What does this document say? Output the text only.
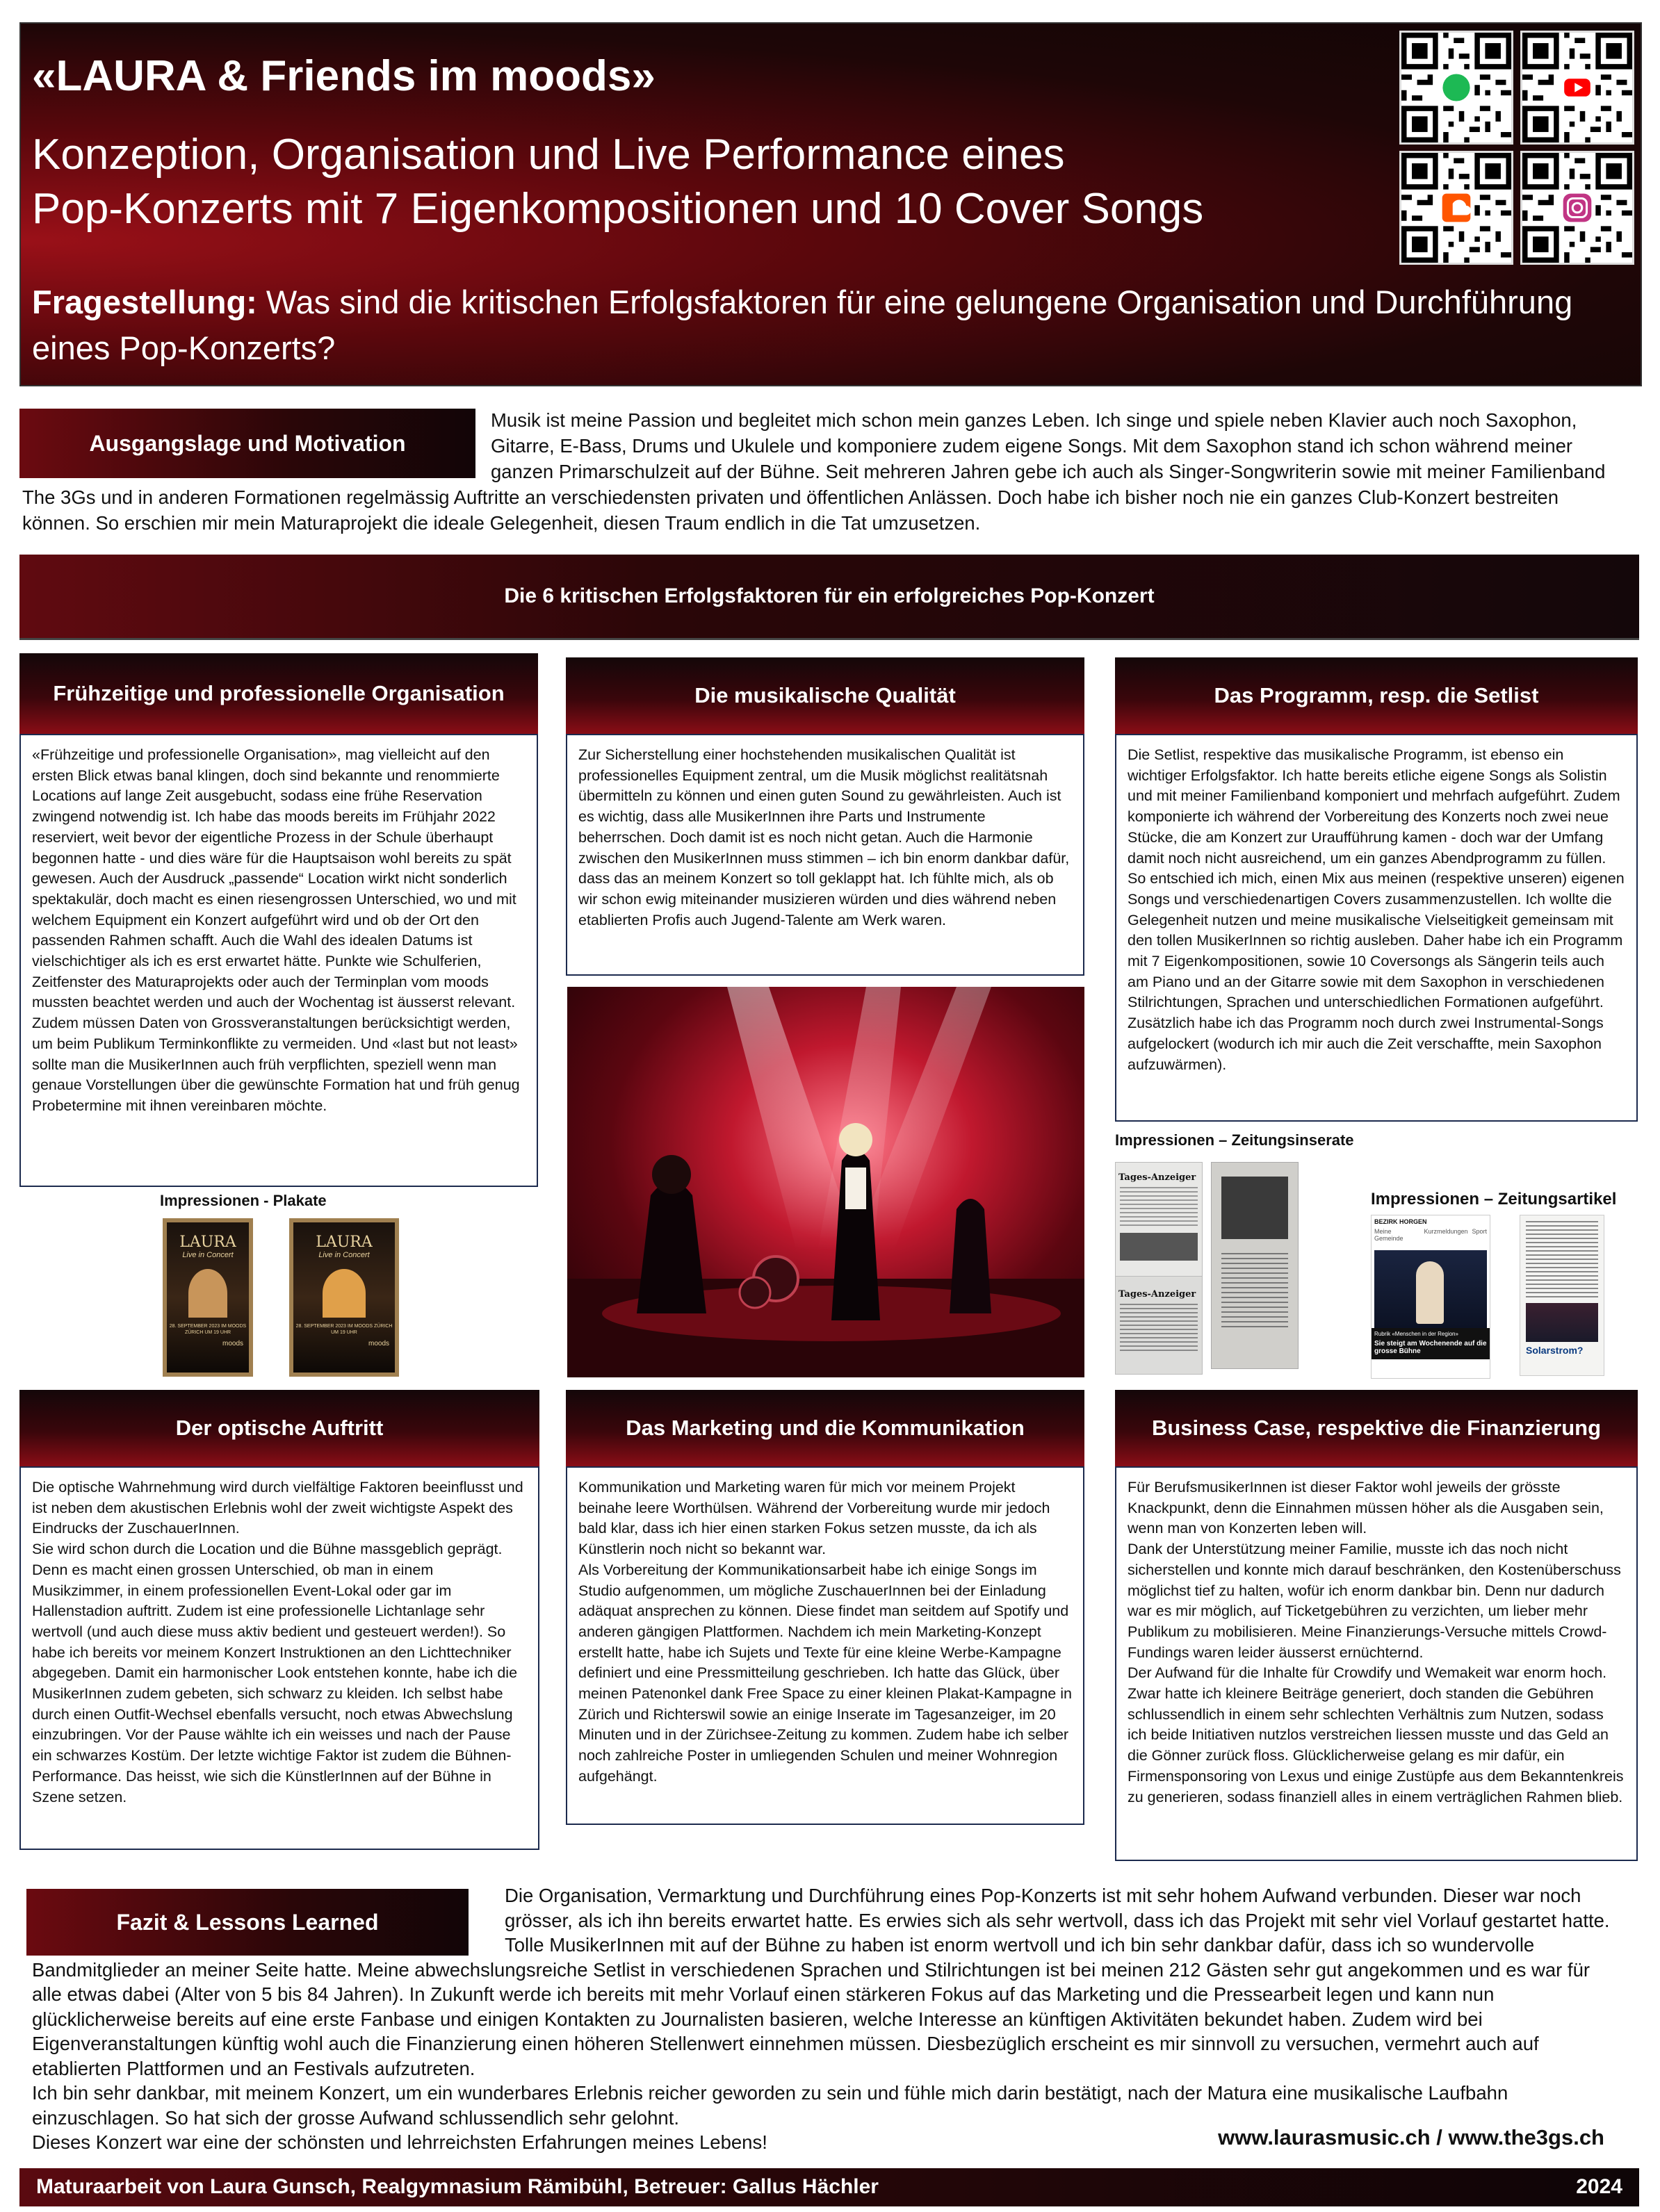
«LAURA & Friends im moods»
Konzeption, Organisation und Live Performance eines
Pop-Konzerts mit 7 Eigenkompositionen und 10 Cover Songs
Fragestellung: Was sind die kritischen Erfolgsfaktoren für eine gelungene Organisation und Durchführung eines Pop-Konzerts?
Ausgangslage und Motivation
Musik ist meine Passion und begleitet mich schon mein ganzes Leben. Ich singe und spiele neben Klavier auch noch Saxophon, Gitarre, E-Bass, Drums und Ukulele und komponiere zudem eigene Songs. Mit dem Saxophon stand ich schon während meiner ganzen Primarschulzeit auf der Bühne. Seit mehreren Jahren gebe ich auch als Singer-Songwriterin sowie mit meiner Familienband The 3Gs und in anderen Formationen regelmässig Auftritte an verschiedensten privaten und öffentlichen Anlässen. Doch habe ich bisher noch nie ein ganzes Club-Konzert bestreiten können. So erschien mir mein Maturaprojekt die ideale Gelegenheit, diesen Traum endlich in die Tat umzusetzen.
Die 6 kritischen Erfolgsfaktoren für ein erfolgreiches Pop-Konzert
Frühzeitige und professionelle Organisation

«Frühzeitige und professionelle Organisation», mag vielleicht auf den ersten Blick etwas banal klingen, doch sind bekannte und renommierte Locations auf lange Zeit ausgebucht, sodass eine frühe Reservation zwingend notwendig ist. Ich habe das moods bereits im Frühjahr 2022 reserviert, weit bevor der eigentliche Prozess in der Schule überhaupt begonnen hatte - und dies wäre für die Hauptsaison wohl bereits zu spät gewesen. Auch der Ausdruck „passende“ Location wirkt nicht sonderlich spektakulär, doch macht es einen riesengrossen Unterschied, wo und mit welchem Equipment ein Konzert aufgeführt wird und ob der Ort den passenden Rahmen schafft. Auch die Wahl des idealen Datums ist vielschichtiger als ich es erst erwartet hätte. Punkte wie Schulferien, Zeitfenster des Maturaprojekts oder auch der Terminplan vom moods mussten beachtet werden und auch der Wochentag ist äusserst relevant. Zudem müssen Daten von Grossveranstaltungen berücksichtigt werden, um beim Publikum Terminkonflikte zu vermeiden. Und «last but not least» sollte man die MusikerInnen auch früh verpflichten, speziell wenn man genaue Vorstellungen über die gewünschte Formation hat und früh genug Probetermine mit ihnen vereinbaren möchte.

Die musikalische Qualität

Zur Sicherstellung einer hochstehenden musikalischen Qualität ist professionelles Equipment zentral, um die Musik möglichst realitätsnah übermitteln zu können und einen guten Sound zu gewährleisten. Auch ist es wichtig, dass alle MusikerInnen ihre Parts und Instrumente beherrschen. Doch damit ist es noch nicht getan. Auch die Harmonie zwischen den MusikerInnen muss stimmen – ich bin enorm dankbar dafür, dass das an meinem Konzert so toll geklappt hat. Ich fühlte mich, als ob wir schon ewig miteinander musizieren würden und dies während neben etablierten Profis auch Jugend-Talente am Werk waren.

Das Programm, resp. die Setlist

Die Setlist, respektive das musikalische Programm, ist ebenso ein wichtiger Erfolgsfaktor. Ich hatte bereits etliche eigene Songs als Solistin und mit meiner Familienband komponiert und mehrfach aufgeführt. Zudem komponierte ich während der Vorbereitung des Konzerts noch zwei neue Stücke, die am Konzert zur Uraufführung kamen - doch war der Umfang damit noch nicht ausreichend, um ein ganzes Abendprogramm zu füllen.
So entschied ich mich, einen Mix aus meinen (respektive unseren) eigenen Songs und verschiedenartigen Covers zusammenzustellen. Ich wollte die Gelegenheit nutzen und meine musikalische Vielseitigkeit gemeinsam mit den tollen MusikerInnen so richtig ausleben. Daher habe ich ein Programm mit 7 Eigenkompositionen, sowie 10 Coversongs als Sängerin teils auch am Piano und an der Gitarre sowie mit dem Saxophon in verschiedenen Stilrichtungen, Sprachen und unterschiedlichen Formationen aufgeführt. Zusätzlich habe ich das Programm noch durch zwei Instrumental-Songs aufgelockert (wodurch ich mir auch die Zeit verschaffte, mein Saxophon aufzuwärmen).

Impressionen - Plakate
LAURA
Live in Concert
28. SEPTEMBER 2023 IM MOODS ZÜRICH UM 19 UHR
moods
LAURA
Live in Concert
28. SEPTEMBER 2023 IM MOODS ZÜRICH UM 19 UHR
moods
Impressionen – Zeitungsinserate
Tages-Anzeiger
Tages-Anzeiger
Impressionen – Zeitungsartikel
BEZIRK HORGEN
Meine Gemeinde
Kurzmeldungen Sport
Rubrik «Menschen in der Region»
Sie steigt am Wochenende auf die grosse Bühne	Solarstrom?
Der optische Auftritt

Die optische Wahrnehmung wird durch vielfältige Faktoren beeinflusst und ist neben dem akustischen Erlebnis wohl der zweit wichtigste Aspekt des Eindrucks der ZuschauerInnen.
Sie wird schon durch die Location und die Bühne massgeblich geprägt. Denn es macht einen grossen Unterschied, ob man in einem Musikzimmer, in einem professionellen Event-Lokal oder gar im Hallenstadion auftritt. Zudem ist eine professionelle Lichtanlage sehr wertvoll (und auch diese muss aktiv bedient und gesteuert werden!). So habe ich bereits vor meinem Konzert Instruktionen an den Lichttechniker abgegeben. Damit ein harmonischer Look entstehen konnte, habe ich die MusikerInnen zudem gebeten, sich schwarz zu kleiden. Ich selbst habe durch einen Outfit-Wechsel ebenfalls versucht, noch etwas Abwechslung einzubringen. Vor der Pause wählte ich ein weisses und nach der Pause ein schwarzes Kostüm. Der letzte wichtige Faktor ist zudem die Bühnen-Performance. Das heisst, wie sich die KünstlerInnen auf der Bühne in Szene setzen.

Das Marketing und die Kommunikation

Kommunikation und Marketing waren für mich vor meinem Projekt beinahe leere Worthülsen. Während der Vorbereitung wurde mir jedoch bald klar, dass ich hier einen starken Fokus setzen musste, da ich als Künstlerin noch nicht so bekannt war.
Als Vorbereitung der Kommunikationsarbeit habe ich einige Songs im Studio aufgenommen, um mögliche ZuschauerInnen bei der Einladung adäquat ansprechen zu können. Diese findet man seitdem auf Spotify und anderen gängigen Plattformen. Nachdem ich mein Marketing-Konzept erstellt hatte, habe ich Sujets und Texte für eine kleine Werbe-Kampagne definiert und eine Pressmitteilung geschrieben. Ich hatte das Glück, über meinen Patenonkel dank Free Space zu einer kleinen Plakat-Kampagne in Zürich und Richterswil sowie an einige Inserate im Tagesanzeiger, im 20 Minuten und in der Zürichsee-Zeitung zu kommen. Zudem habe ich selber noch zahlreiche Poster in umliegenden Schulen und meiner Wohnregion aufgehängt.

Business Case, respektive die Finanzierung

Für BerufsmusikerInnen ist dieser Faktor wohl jeweils der grösste Knackpunkt, denn die Einnahmen müssen höher als die Ausgaben sein, wenn man von Konzerten leben will.
Dank der Unterstützung meiner Familie, musste ich das noch nicht sicherstellen und konnte mich darauf beschränken, den Kostenüberschuss möglichst tief zu halten, wofür ich enorm dankbar bin. Denn nur dadurch war es mir möglich, auf Ticketgebühren zu verzichten, um lieber mehr Publikum zu mobilisieren. Meine Finanzierungs-Versuche mittels Crowd-Fundings waren leider äusserst ernüchternd.
Der Aufwand für die Inhalte für Crowdify und Wemakeit war enorm hoch. Zwar hatte ich kleinere Beiträge generiert, doch standen die Gebühren schlussendlich in einem sehr schlechten Verhältnis zum Nutzen, sodass ich beide Initiativen nutzlos verstreichen liessen musste und das Geld an die Gönner zurück floss. Glücklicherweise gelang es mir dafür, ein Firmensponsoring von Lexus und einige Zustüpfe aus dem Bekanntenkreis zu generieren, sodass finanziell alles in einem verträglichen Rahmen blieb.

Fazit & Lessons Learned
Die Organisation, Vermarktung und Durchführung eines Pop-Konzerts ist mit sehr hohem Aufwand verbunden. Dieser war noch grösser, als ich ihn bereits erwartet hatte. Es erwies sich als sehr wertvoll, dass ich das Projekt mit sehr viel Vorlauf gestartet hatte. Tolle MusikerInnen mit auf der Bühne zu haben ist enorm wertvoll und ich bin sehr dankbar dafür, dass ich so wundervolle Bandmitglieder an meiner Seite hatte. Meine abwechslungsreiche Setlist in verschiedenen Sprachen und Stilrichtungen ist bei meinen 212 Gästen sehr gut angekommen und es war für alle etwas dabei (Alter von 5 bis 84 Jahren). In Zukunft werde ich bereits mit mehr Vorlauf einen stärkeren Fokus auf das Marketing und die Pressearbeit legen und kann nun glücklicherweise bereits auf eine erste Fanbase und einigen Kontakten zu Journalisten basieren, welche Interesse an künftigen Aktivitäten bekundet haben. Zudem wird bei Eigenveranstaltungen künftig wohl auch die Finanzierung einen höheren Stellenwert einnehmen müssen. Diesbezüglich erscheint es mir sinnvoll zu versuchen, vermehrt auch auf etablierten Plattformen und an Festivals aufzutreten.
Ich bin sehr dankbar, mit meinem Konzert, um ein wunderbares Erlebnis reicher geworden zu sein und fühle mich darin bestätigt, nach der Matura eine musikalische Laufbahn einzuschlagen. So hat sich der grosse Aufwand schlussendlich sehr gelohnt.
Dieses Konzert war eine der schönsten und lehrreichsten Erfahrungen meines Lebens!	www.laurasmusic.ch / www.the3gs.ch
Maturaarbeit von Laura Gunsch, Realgymnasium Rämibühl, Betreuer: Gallus Hächler	2024
